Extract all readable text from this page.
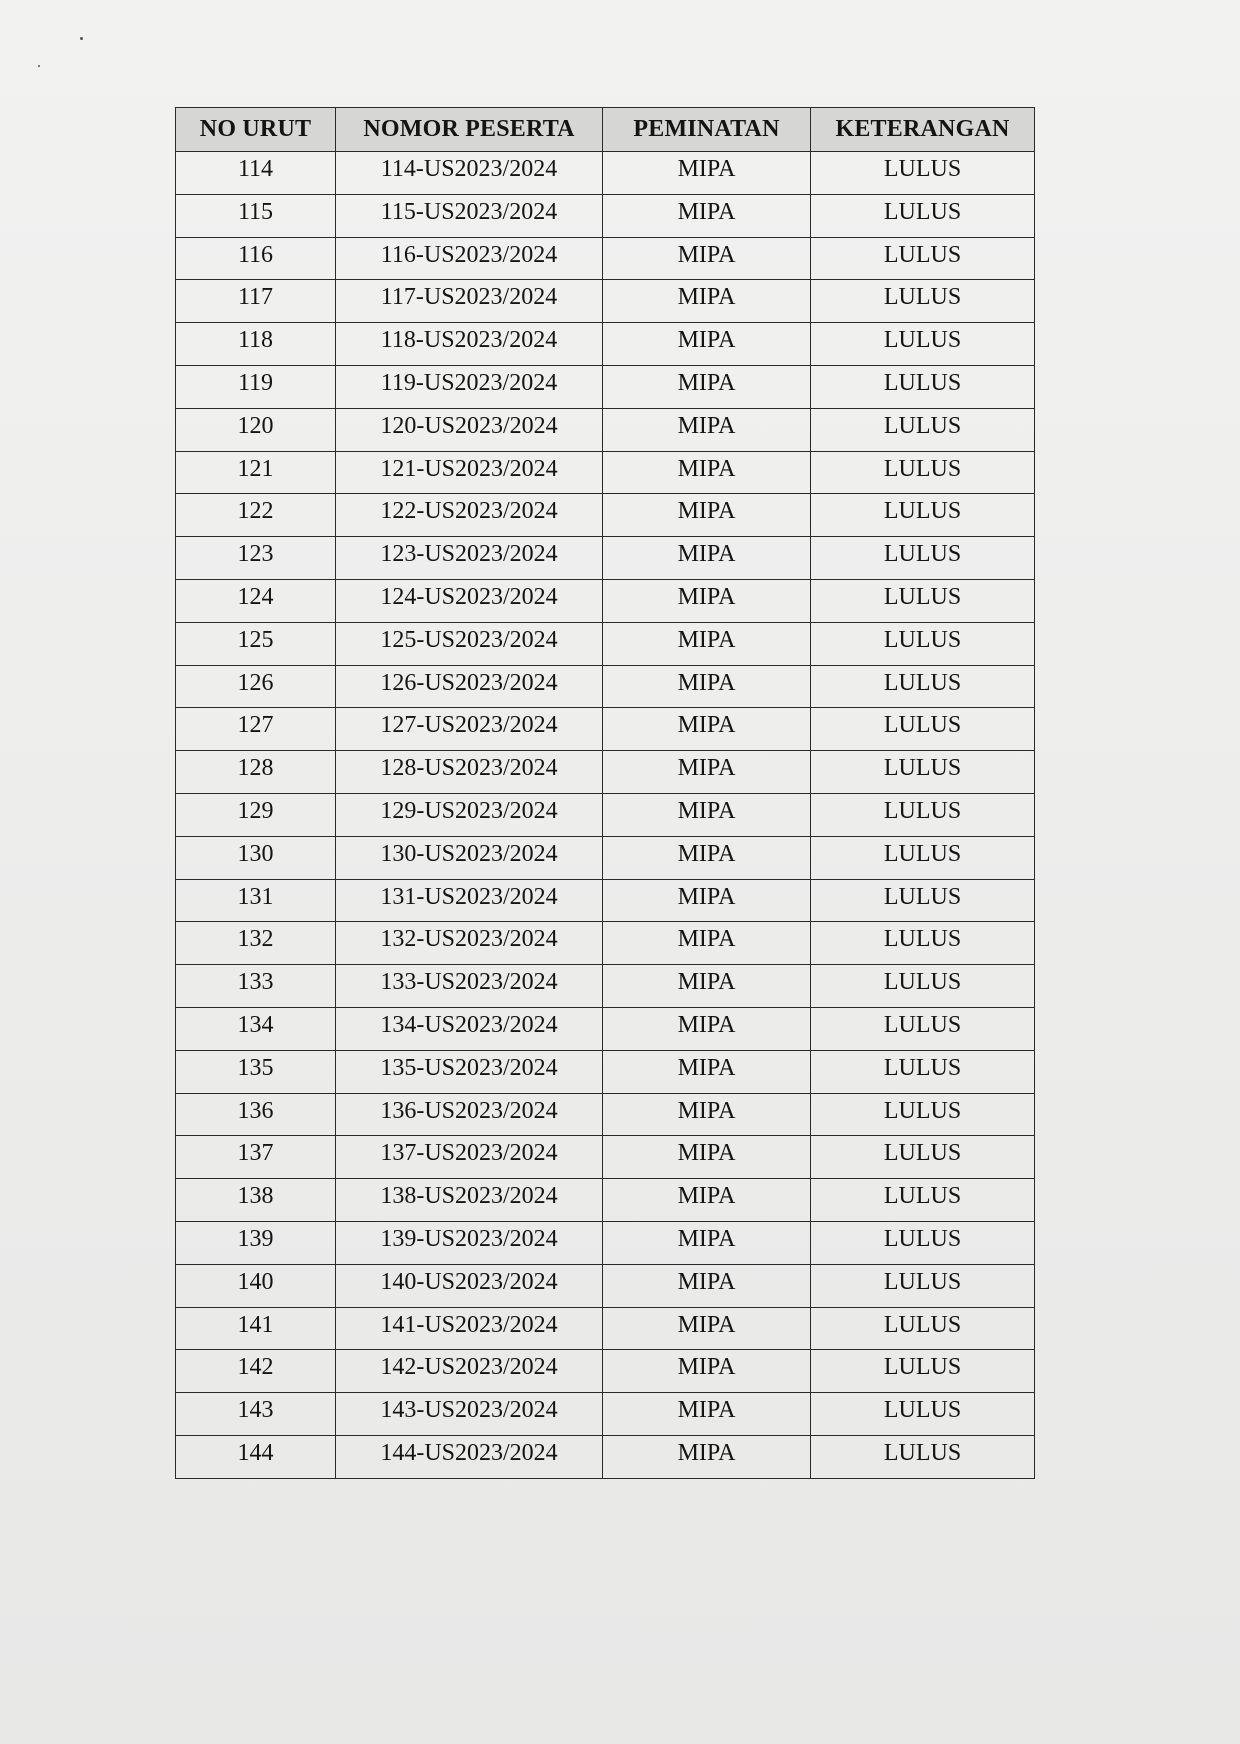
NO URUT	NOMOR PESERTA	PEMINATAN	KETERANGAN
114	114-US2023/2024	MIPA	LULUS
115	115-US2023/2024	MIPA	LULUS
116	116-US2023/2024	MIPA	LULUS
117	117-US2023/2024	MIPA	LULUS
118	118-US2023/2024	MIPA	LULUS
119	119-US2023/2024	MIPA	LULUS
120	120-US2023/2024	MIPA	LULUS
121	121-US2023/2024	MIPA	LULUS
122	122-US2023/2024	MIPA	LULUS
123	123-US2023/2024	MIPA	LULUS
124	124-US2023/2024	MIPA	LULUS
125	125-US2023/2024	MIPA	LULUS
126	126-US2023/2024	MIPA	LULUS
127	127-US2023/2024	MIPA	LULUS
128	128-US2023/2024	MIPA	LULUS
129	129-US2023/2024	MIPA	LULUS
130	130-US2023/2024	MIPA	LULUS
131	131-US2023/2024	MIPA	LULUS
132	132-US2023/2024	MIPA	LULUS
133	133-US2023/2024	MIPA	LULUS
134	134-US2023/2024	MIPA	LULUS
135	135-US2023/2024	MIPA	LULUS
136	136-US2023/2024	MIPA	LULUS
137	137-US2023/2024	MIPA	LULUS
138	138-US2023/2024	MIPA	LULUS
139	139-US2023/2024	MIPA	LULUS
140	140-US2023/2024	MIPA	LULUS
141	141-US2023/2024	MIPA	LULUS
142	142-US2023/2024	MIPA	LULUS
143	143-US2023/2024	MIPA	LULUS
144	144-US2023/2024	MIPA	LULUS
